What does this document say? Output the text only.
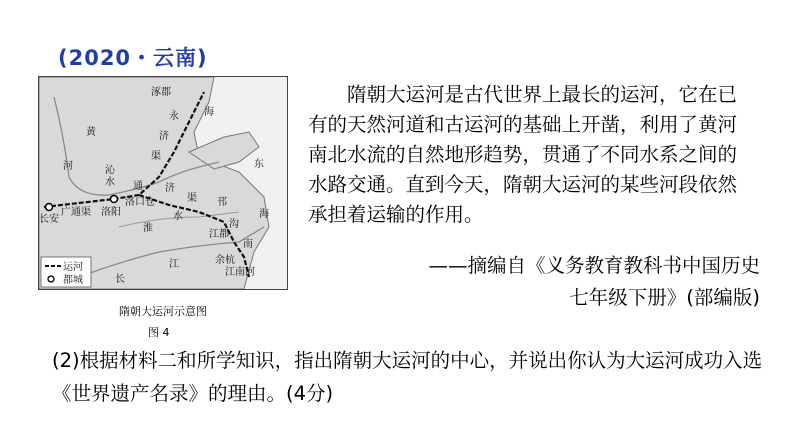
(2020・云南)
运河
都城
黄
河
涿郡
永
济
渠
海
东
海
沁
水 通 济
渠
长安
广通渠 洛阳
洛口仓
淮
水
邗
沟
江都
江
长
余杭
江南河
南
隋朝大运河示意图
图 4

隋朝大运河是古代世界上最长的运河，它在已有的天然河道和古运河的基础上开凿，利用了黄河南北水流的自然地形趋势，贯通了不同水系之间的水路交通。直到今天，隋朝大运河的某些河段依然承担着运输的作用。

——摘编自《义务教育教科书中国历史
七年级下册》(部编版)
(2)根据材料二和所学知识，指出隋朝大运河的中心，并说出你认为大运河成功入选《世界遗产名录》的理由。(4分)
